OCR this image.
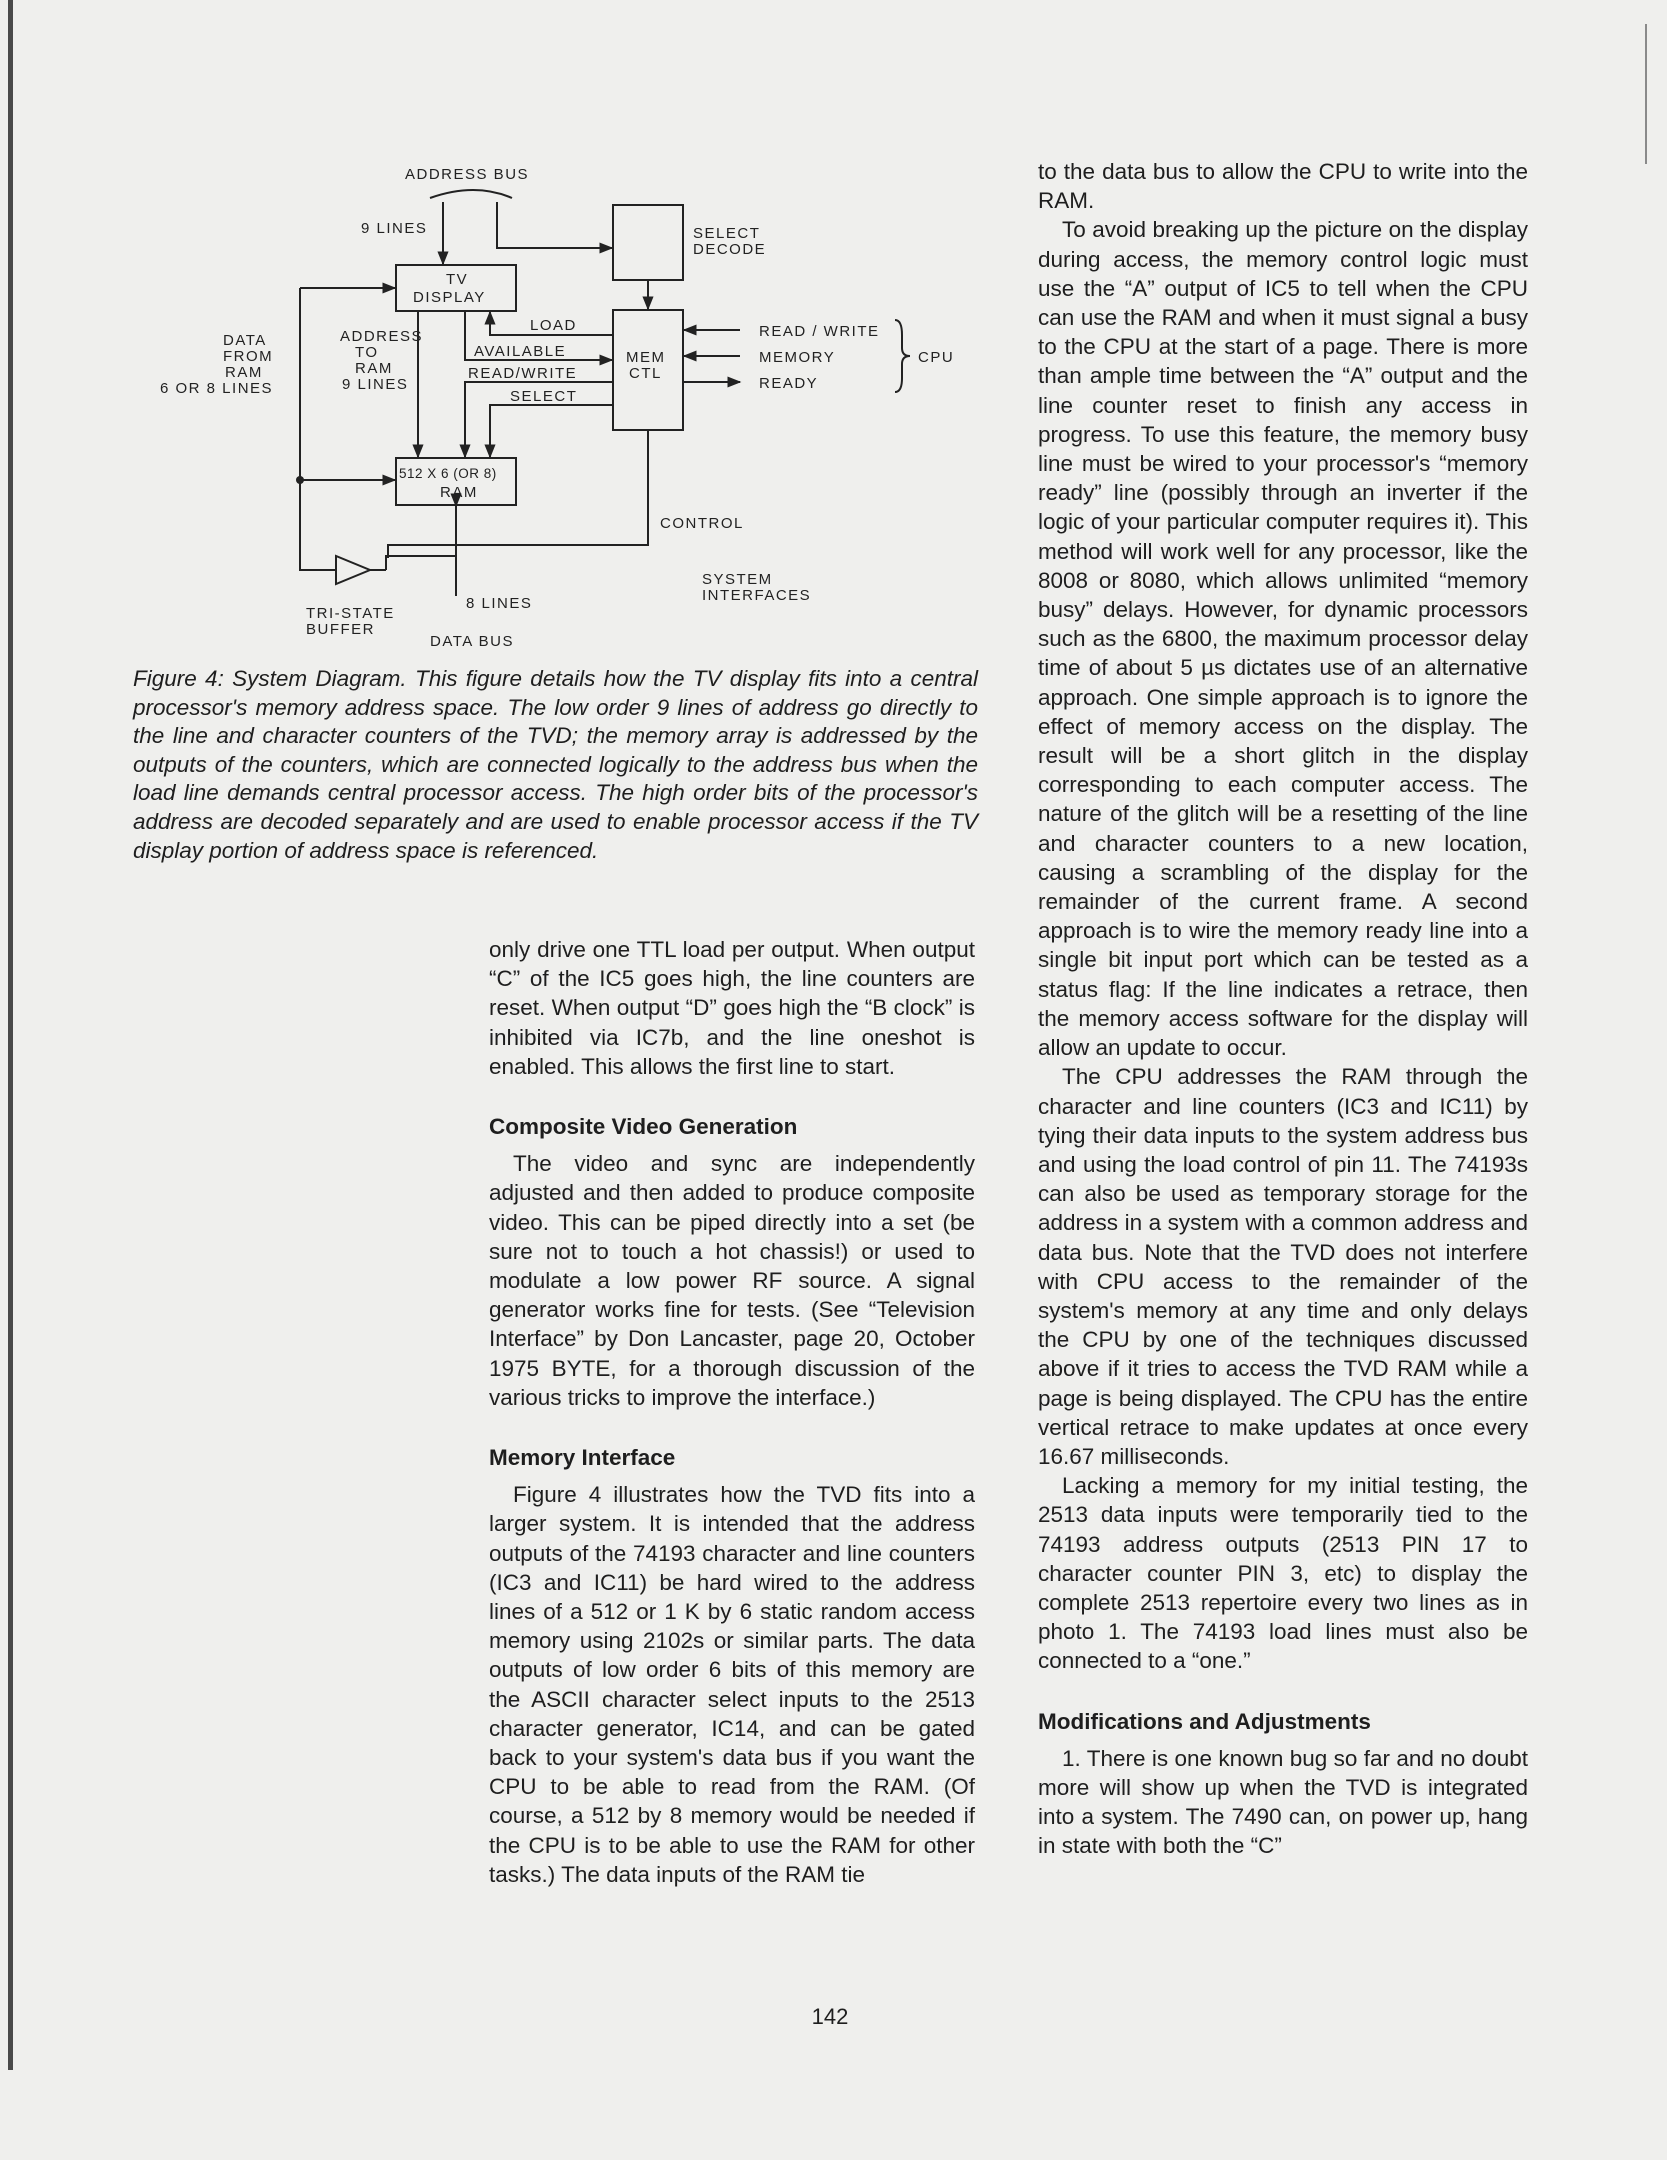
ADDRESS BUS
9 LINES
TV
DISPLAY
SELECT
DECODE
DATA
FROM
RAM
6 OR 8 LINES
ADDRESS
TO
RAM
9 LINES
LOAD
AVAILABLE
READ/WRITE
SELECT
MEM
CTL
READ / WRITE
MEMORY
READY
CPU
512 X 6 (OR 8)
RAM
CONTROL
SYSTEM
INTERFACES
TRI-STATE
BUFFER
8 LINES
DATA BUS

Figure 4: System Diagram. This figure details how the TV display fits into a central processor's memory address space. The low order 9 lines of address go directly to the line and character counters of the TVD; the memory array is addressed by the outputs of the counters, which are connected logically to the address bus when the load line demands central processor access. The high order bits of the processor's address are decoded separately and are used to enable processor access if the TV display portion of address space is referenced.

only drive one TTL load per output. When output “C” of the IC5 goes high, the line counters are reset. When output “D” goes high the “B clock” is inhibited via IC7b, and the line oneshot is enabled. This allows the first line to start.

Composite Video Generation

The video and sync are independently adjusted and then added to produce composite video. This can be piped directly into a set (be sure not to touch a hot chassis!) or used to modulate a low power RF source. A signal generator works fine for tests. (See “Television Interface” by Don Lancaster, page 20, October 1975 BYTE, for a thorough discussion of the various tricks to improve the interface.)

Memory Interface

Figure 4 illustrates how the TVD fits into a larger system. It is intended that the address outputs of the 74193 character and line counters (IC3 and IC11) be hard wired to the address lines of a 512 or 1 K by 6 static random access memory using 2102s or similar parts. The data outputs of low order 6 bits of this memory are the ASCII character select inputs to the 2513 character generator, IC14, and can be gated back to your system's data bus if you want the CPU to be able to read from the RAM. (Of course, a 512 by 8 memory would be needed if the CPU is to be able to use the RAM for other tasks.) The data inputs of the RAM tie

to the data bus to allow the CPU to write into the RAM.

To avoid breaking up the picture on the display during access, the memory control logic must use the “A” output of IC5 to tell when the CPU can use the RAM and when it must signal a busy to the CPU at the start of a page. There is more than ample time between the “A” output and the line counter reset to finish any access in progress. To use this feature, the memory busy line must be wired to your processor's “memory ready” line (possibly through an inverter if the logic of your particular computer requires it). This method will work well for any processor, like the 8008 or 8080, which allows unlimited “memory busy” delays. However, for dynamic processors such as the 6800, the maximum processor delay time of about 5 µs dictates use of an alternative approach. One simple approach is to ignore the effect of memory access on the display. The result will be a short glitch in the display corresponding to each computer access. The nature of the glitch will be a resetting of the line and character counters to a new location, causing a scrambling of the display for the remainder of the current frame. A second approach is to wire the memory ready line into a single bit input port which can be tested as a status flag: If the line indicates a retrace, then the memory access software for the display will allow an update to occur.

The CPU addresses the RAM through the character and line counters (IC3 and IC11) by tying their data inputs to the system address bus and using the load control of pin 11. The 74193s can also be used as temporary storage for the address in a system with a common address and data bus. Note that the TVD does not interfere with CPU access to the remainder of the system's memory at any time and only delays the CPU by one of the techniques discussed above if it tries to access the TVD RAM while a page is being displayed. The CPU has the entire vertical retrace to make updates at once every 16.67 milliseconds.

Lacking a memory for my initial testing, the 2513 data inputs were temporarily tied to the 74193 address outputs (2513 PIN 17 to character counter PIN 3, etc) to display the complete 2513 repertoire every two lines as in photo 1. The 74193 load lines must also be connected to a “one.”

Modifications and Adjustments

1. There is one known bug so far and no doubt more will show up when the TVD is integrated into a system. The 7490 can, on power up, hang in state with both the “C”

142
